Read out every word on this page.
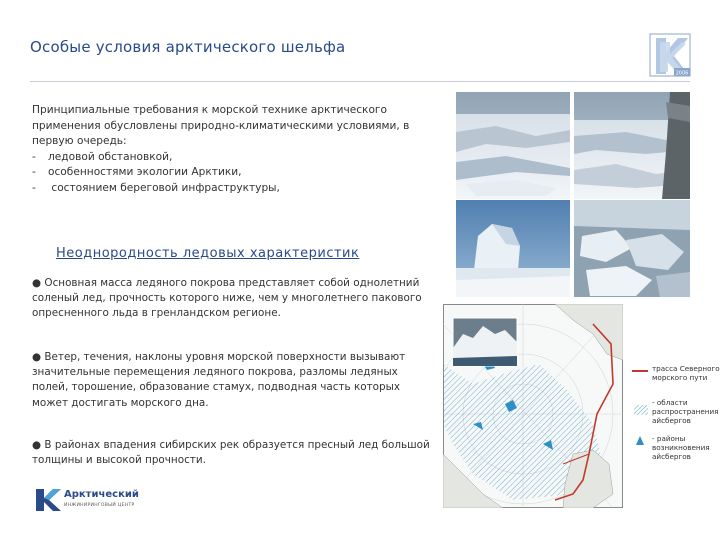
Особые условия арктического шельфа
2006
Принципиальные требования к морской технике арктического применения обусловлены природно-климатическими условиями, в первую очередь:
- ледовой обстановкой,
- особенностями экологии Арктики,
- состоянием береговой инфраструктуры,
Неоднородность ледовых характеристик
● Основная масса ледяного покрова представляет собой однолетний соленый лед, прочность которого ниже, чем у многолетнего пакового опресненного льда в гренландском регионе.
● Ветер, течения, наклоны уровня морской поверхности вызывают значительные перемещения ледяного покрова, разломы ледяных полей, торошение, образование стамух, подводная часть которых может достигать морского дна.
● В районах впадения сибирских рек образуется пресный лед большой толщины и высокой прочности.
трасса Северного морского пути
- области распространения айсбергов
- районы возникновения айсбергов
Арктический
ИНЖИНИРИНГОВЫЙ ЦЕНТР
